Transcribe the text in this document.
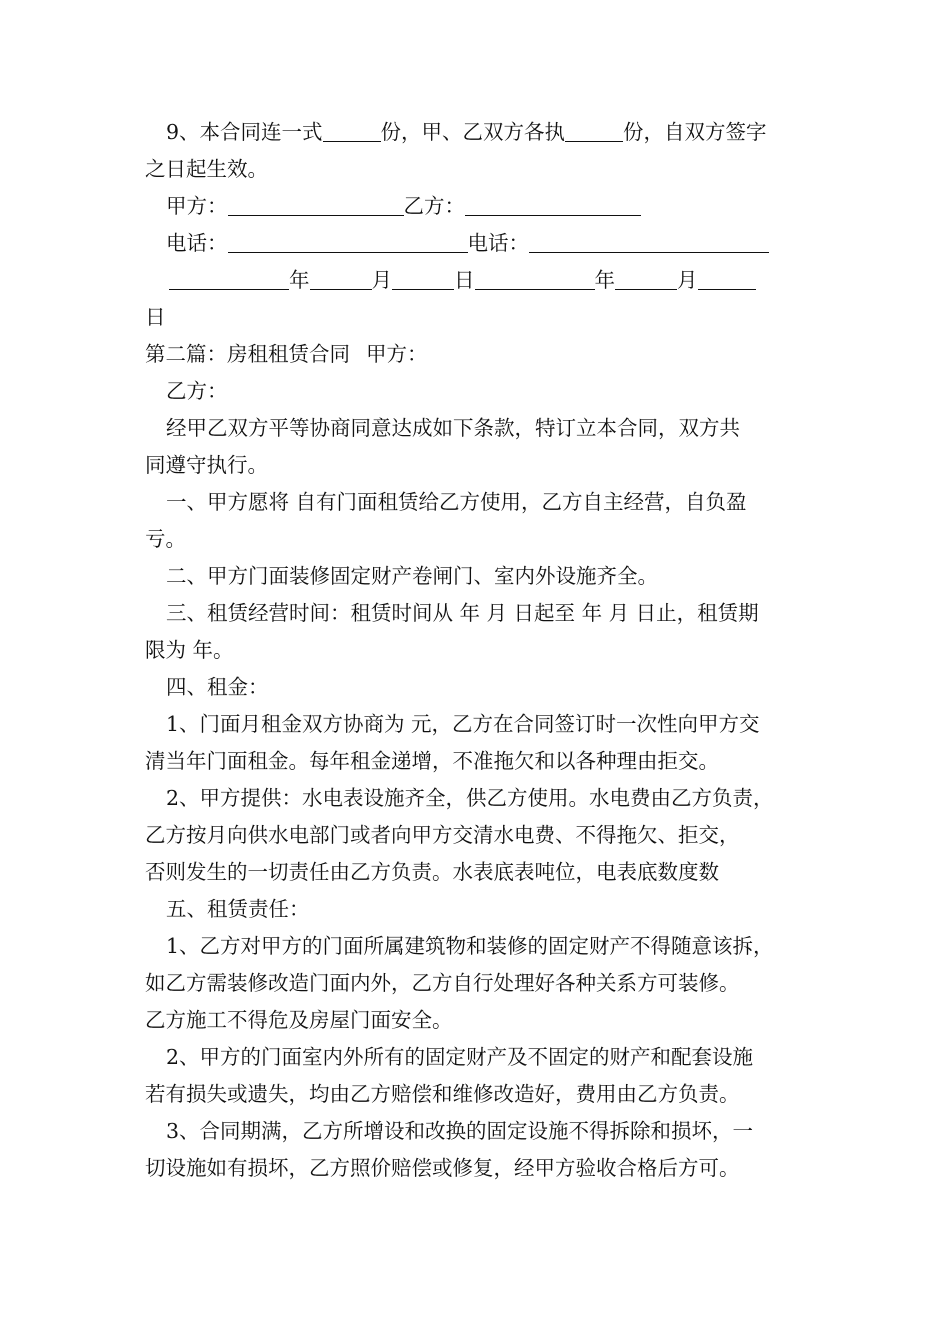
9、本合同连一式	份，甲、乙双方各执	份，自双方签字

之日起生效。

甲方：	乙方：

电话：	电话：

年	月	日	年	月

日

第二篇：房租租赁合同 甲方：

乙方：

经甲乙双方平等协商同意达成如下条款，特订立本合同，双方共

同遵守执行。

一、甲方愿将 自有门面租赁给乙方使用，乙方自主经营，自负盈

亏。

二、甲方门面装修固定财产卷闸门、室内外设施齐全。

三、租赁经营时间：租赁时间从 年 月 日起至 年 月 日止，租赁期

限为 年。

四、租金：

1、门面月租金双方协商为 元，乙方在合同签订时一次性向甲方交

清当年门面租金。每年租金递增，不准拖欠和以各种理由拒交。

2、甲方提供：水电表设施齐全，供乙方使用。水电费由乙方负责，

乙方按月向供水电部门或者向甲方交清水电费、不得拖欠、拒交，

否则发生的一切责任由乙方负责。水表底表吨位，电表底数度数

五、租赁责任：

1、乙方对甲方的门面所属建筑物和装修的固定财产不得随意该拆，

如乙方需装修改造门面内外，乙方自行处理好各种关系方可装修。

乙方施工不得危及房屋门面安全。

2、甲方的门面室内外所有的固定财产及不固定的财产和配套设施

若有损失或遗失，均由乙方赔偿和维修改造好，费用由乙方负责。

3、合同期满，乙方所增设和改换的固定设施不得拆除和损坏，一

切设施如有损坏，乙方照价赔偿或修复，经甲方验收合格后方可。
